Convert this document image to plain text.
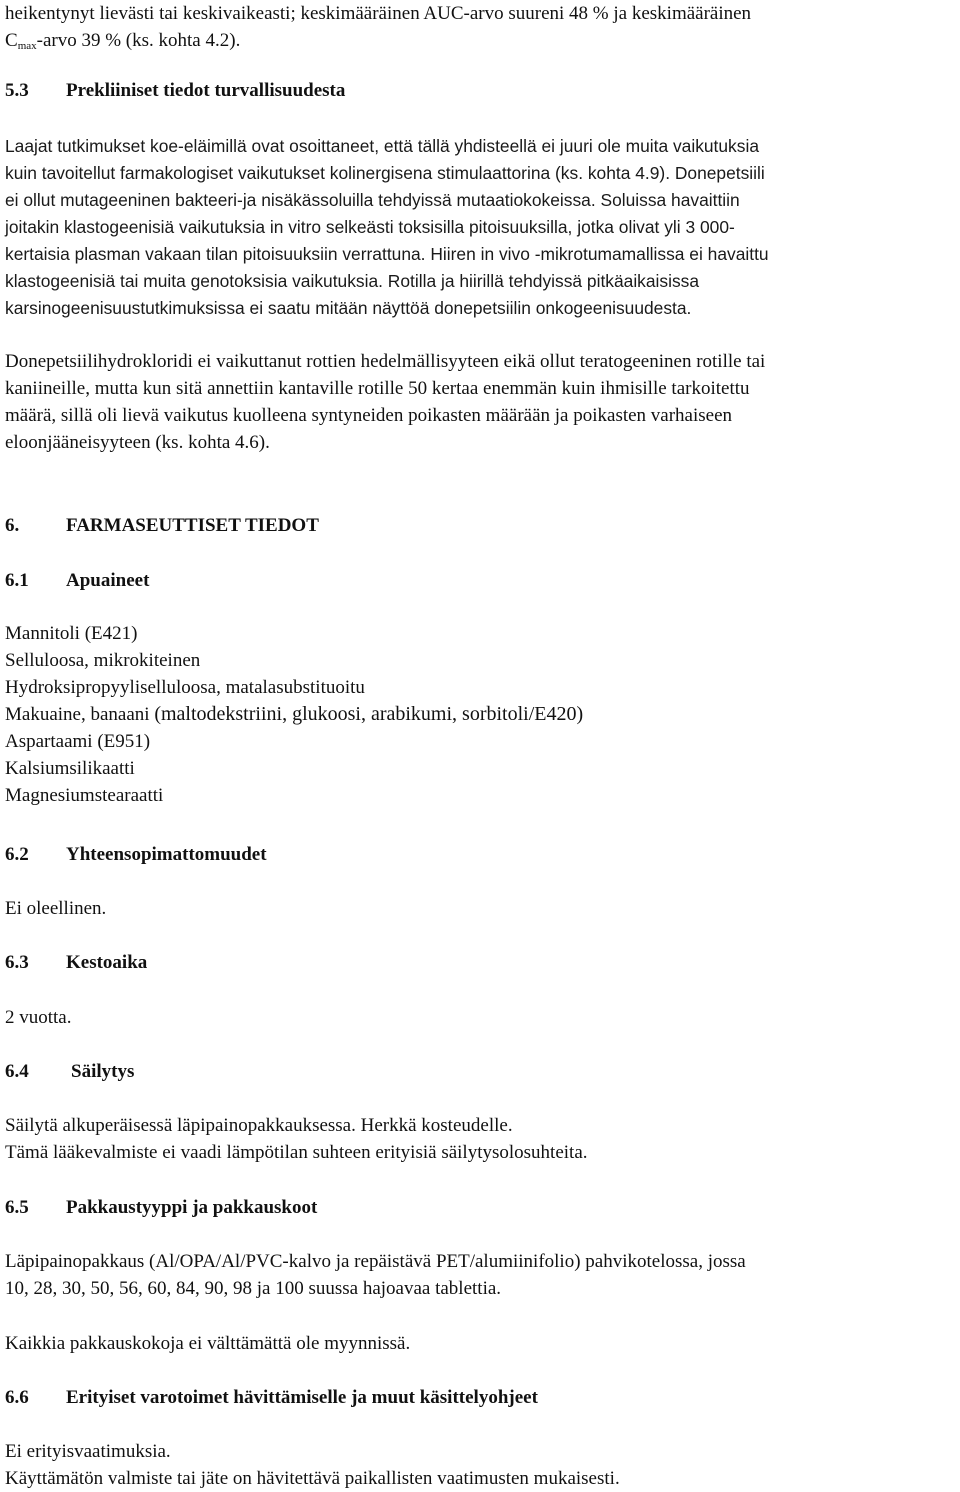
heikentynyt lievästi tai keskivaikeasti; keskimääräinen AUC-arvo suureni 48 % ja keskimääräinen
$C_{max}$-arvo 39 % (ks. kohta 4.2).
5.3 Prekliiniset tiedot turvallisuudesta
Laajat tutkimukset koe-eläimillä ovat osoittaneet, että tällä yhdisteellä ei juuri ole muita vaikutuksia
kuin tavoitellut farmakologiset vaikutukset kolinergisena stimulaattorina (ks. kohta 4.9). Donepetsiili
ei ollut mutageeninen bakteeri-ja nisäkässoluilla tehdyissä mutaatiokokeissa. Soluissa havaittiin
joitakin klastogeenisiä vaikutuksia in vitro selkeästi toksisilla pitoisuuksilla, jotka olivat yli 3 000-
kertaisia plasman vakaan tilan pitoisuuksiin verrattuna. Hiiren in vivo -mikrotumamallissa ei havaittu
klastogeenisiä tai muita genotoksisia vaikutuksia. Rotilla ja hiirillä tehdyissä pitkäaikaisissa
karsinogeenisuustutkimuksissa ei saatu mitään näyttöä donepetsiilin onkogeenisuudesta.
Donepetsiilihydrokloridi ei vaikuttanut rottien hedelmällisyyteen eikä ollut teratogeeninen rotille tai
kaniineille, mutta kun sitä annettiin kantaville rotille 50 kertaa enemmän kuin ihmisille tarkoitettu
määrä, sillä oli lievä vaikutus kuolleena syntyneiden poikasten määrään ja poikasten varhaiseen
eloonjääneisyyteen (ks. kohta 4.6).
6. FARMASEUTTISET TIEDOT
6.1 Apuaineet
Mannitoli (E421)
Selluloosa, mikrokiteinen
Hydroksipropyyliselluloosa, matalasubstituoitu
Makuaine, banaani (maltodekstriini, glukoosi, arabikumi, sorbitoli/E420)
Aspartaami (E951)
Kalsiumsilikaatti
Magnesiumstearaatti
6.2 Yhteensopimattomuudet
Ei oleellinen.
6.3 Kestoaika
2 vuotta.
6.4 Säilytys
Säilytä alkuperäisessä läpipainopakkauksessa. Herkkä kosteudelle.
Tämä lääkevalmiste ei vaadi lämpötilan suhteen erityisiä säilytysolosuhteita.
6.5 Pakkaustyyppi ja pakkauskoot
Läpipainopakkaus (Al/OPA/Al/PVC-kalvo ja repäistävä PET/alumiinifolio) pahvikotelossa, jossa
10, 28, 30, 50, 56, 60, 84, 90, 98 ja 100 suussa hajoavaa tablettia.
Kaikkia pakkauskokoja ei välttämättä ole myynnissä.
6.6 Erityiset varotoimet hävittämiselle ja muut käsittelyohjeet
Ei erityisvaatimuksia.
Käyttämätön valmiste tai jäte on hävitettävä paikallisten vaatimusten mukaisesti.
